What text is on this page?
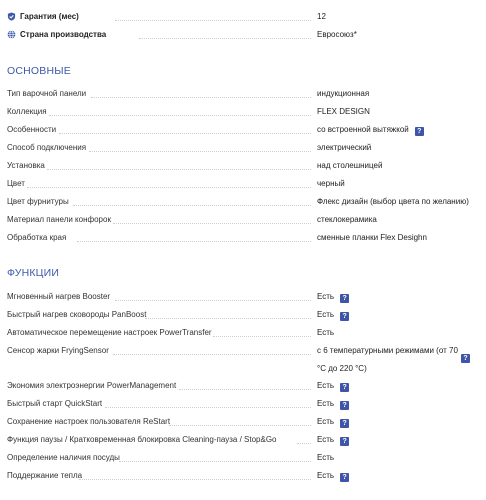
Гарантия (мес)	12
Страна производства	Евросоюз*
ОСНОВНЫЕ
Тип варочной панели	индукционная
Коллекция	FLEX DESIGN
Особенности	со встроенной вытяжкой ?
Способ подключения	электрический
Установка	над столешницей
Цвет	черный
Цвет фурнитуры	Флекс дизайн (выбор цвета по желанию)
Материал панели конфорок	стеклокерамика
Обработка края	сменные планки Flex Desighn
ФУНКЦИИ
Мгновенный нагрев Booster	Есть ?
Быстрый нагрев сковороды PanBoost	Есть ?
Автоматическое перемещение настроек PowerTransfer	Есть
Сенсор жарки FryingSensor	с 6 температурными режимами (от 70
°C до 220 °C)
?
Экономия электроэнергии PowerManagement	Есть ?
Быстрый старт QuickStart	Есть ?
Сохранение настроек пользователя ReStart	Есть ?
Функция паузы / Кратковременная блокировка Cleaning-пауза / Stop&Go	Есть ?
Определение наличия посуды	Есть
Поддержание тепла	Есть ?
